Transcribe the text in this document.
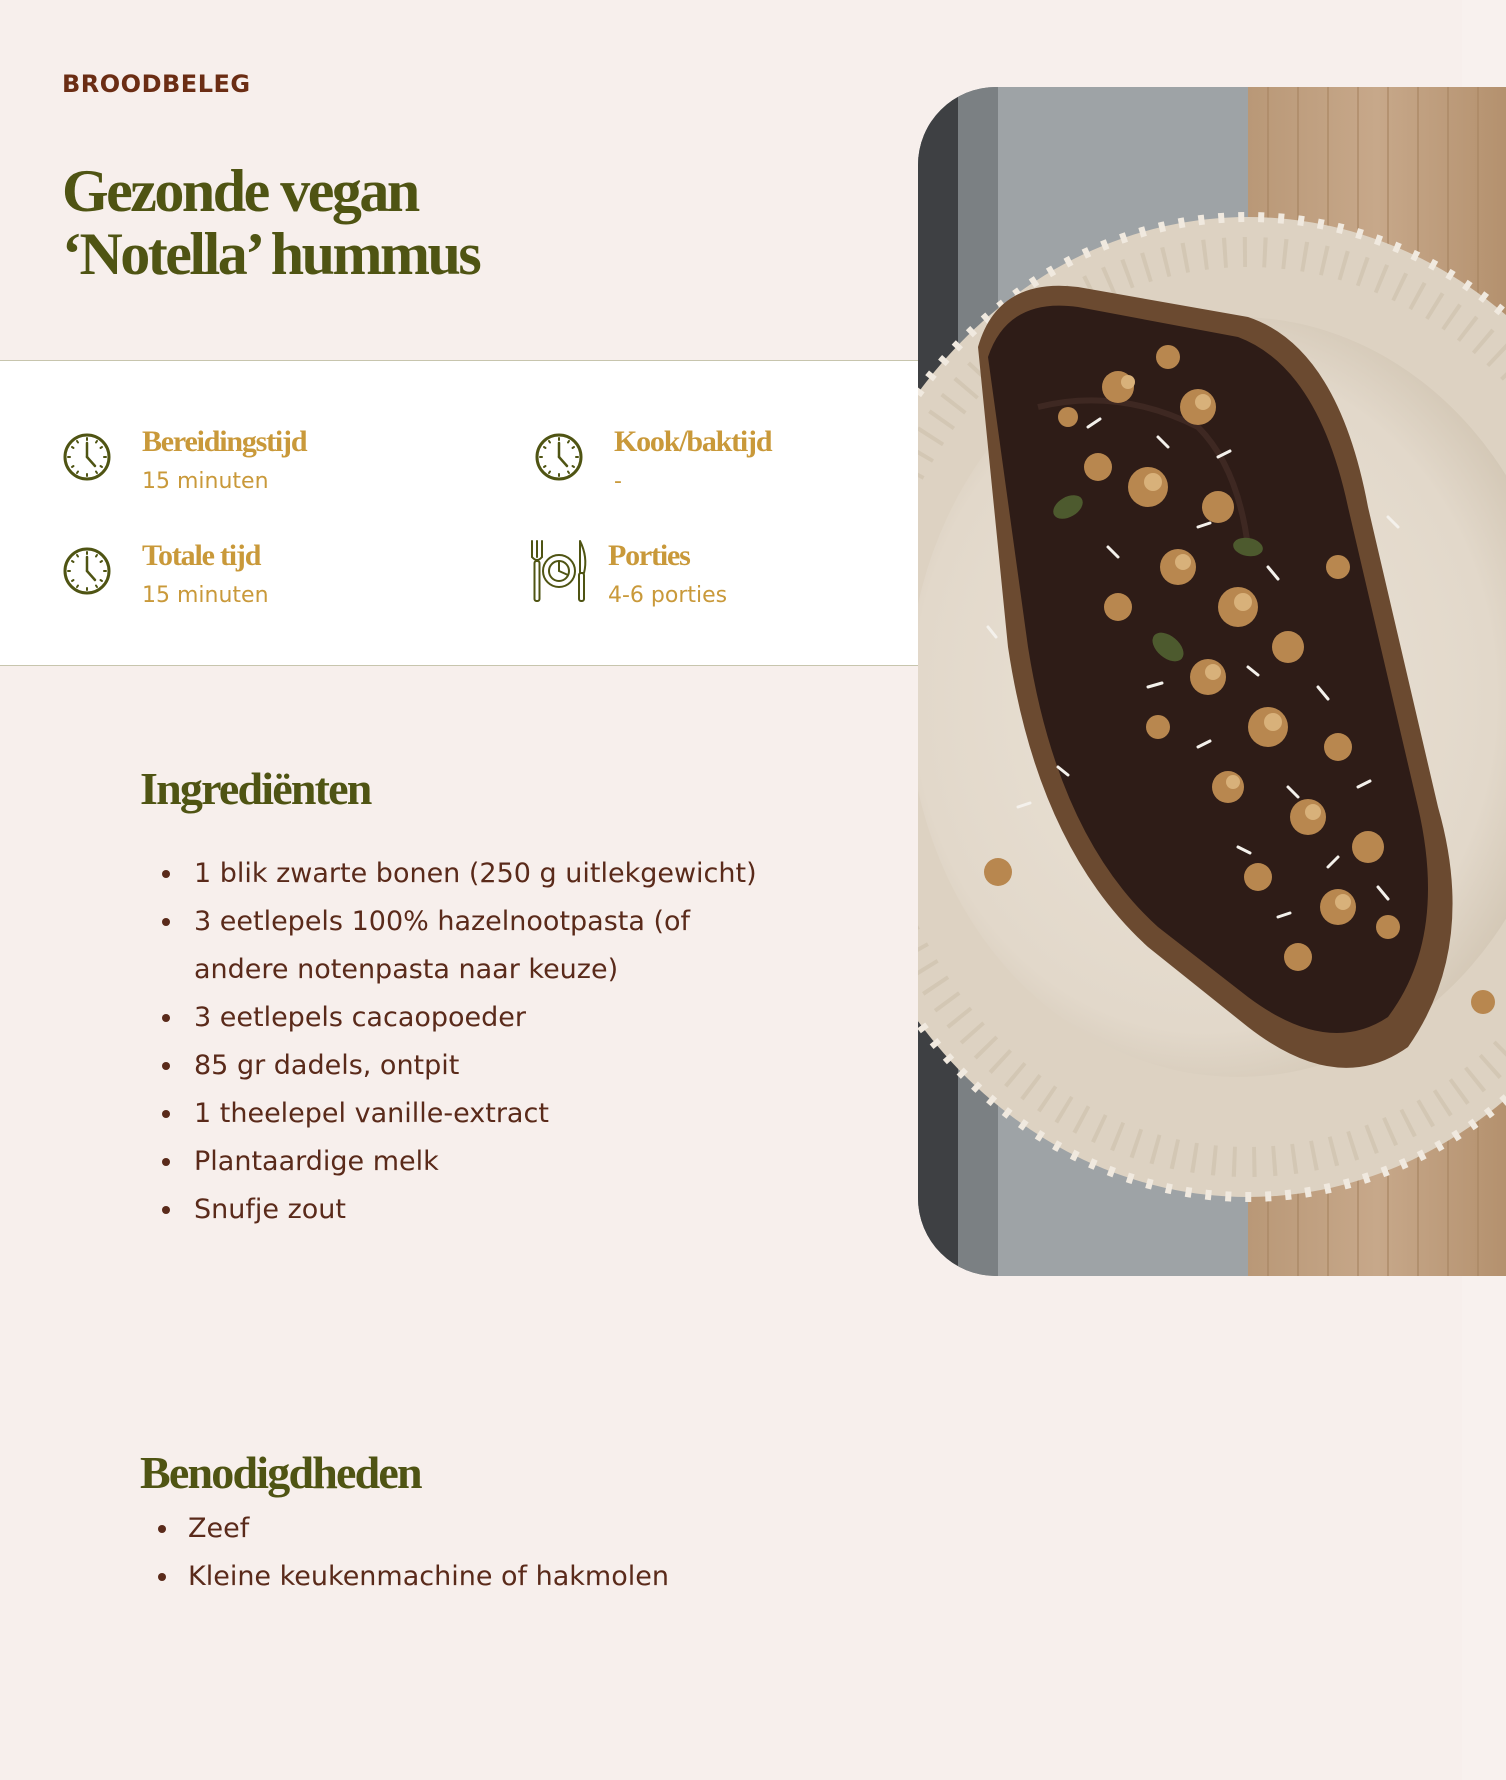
BROODBELEG
Gezonde vegan
‘Notella’ hummus
Bereidingstijd
15 minuten
Kook/baktijd
-
Totale tijd
15 minuten
Porties
4-6 porties
Ingrediënten
1 blik zwarte bonen (250 g uitlekgewicht)
3 eetlepels 100% hazelnootpasta (of andere notenpasta naar keuze)
3 eetlepels cacaopoeder
85 gr dadels, ontpit
1 theelepel vanille-extract
Plantaardige melk
Snufje zout
Benodigdheden
Zeef
Kleine keukenmachine of hakmolen
